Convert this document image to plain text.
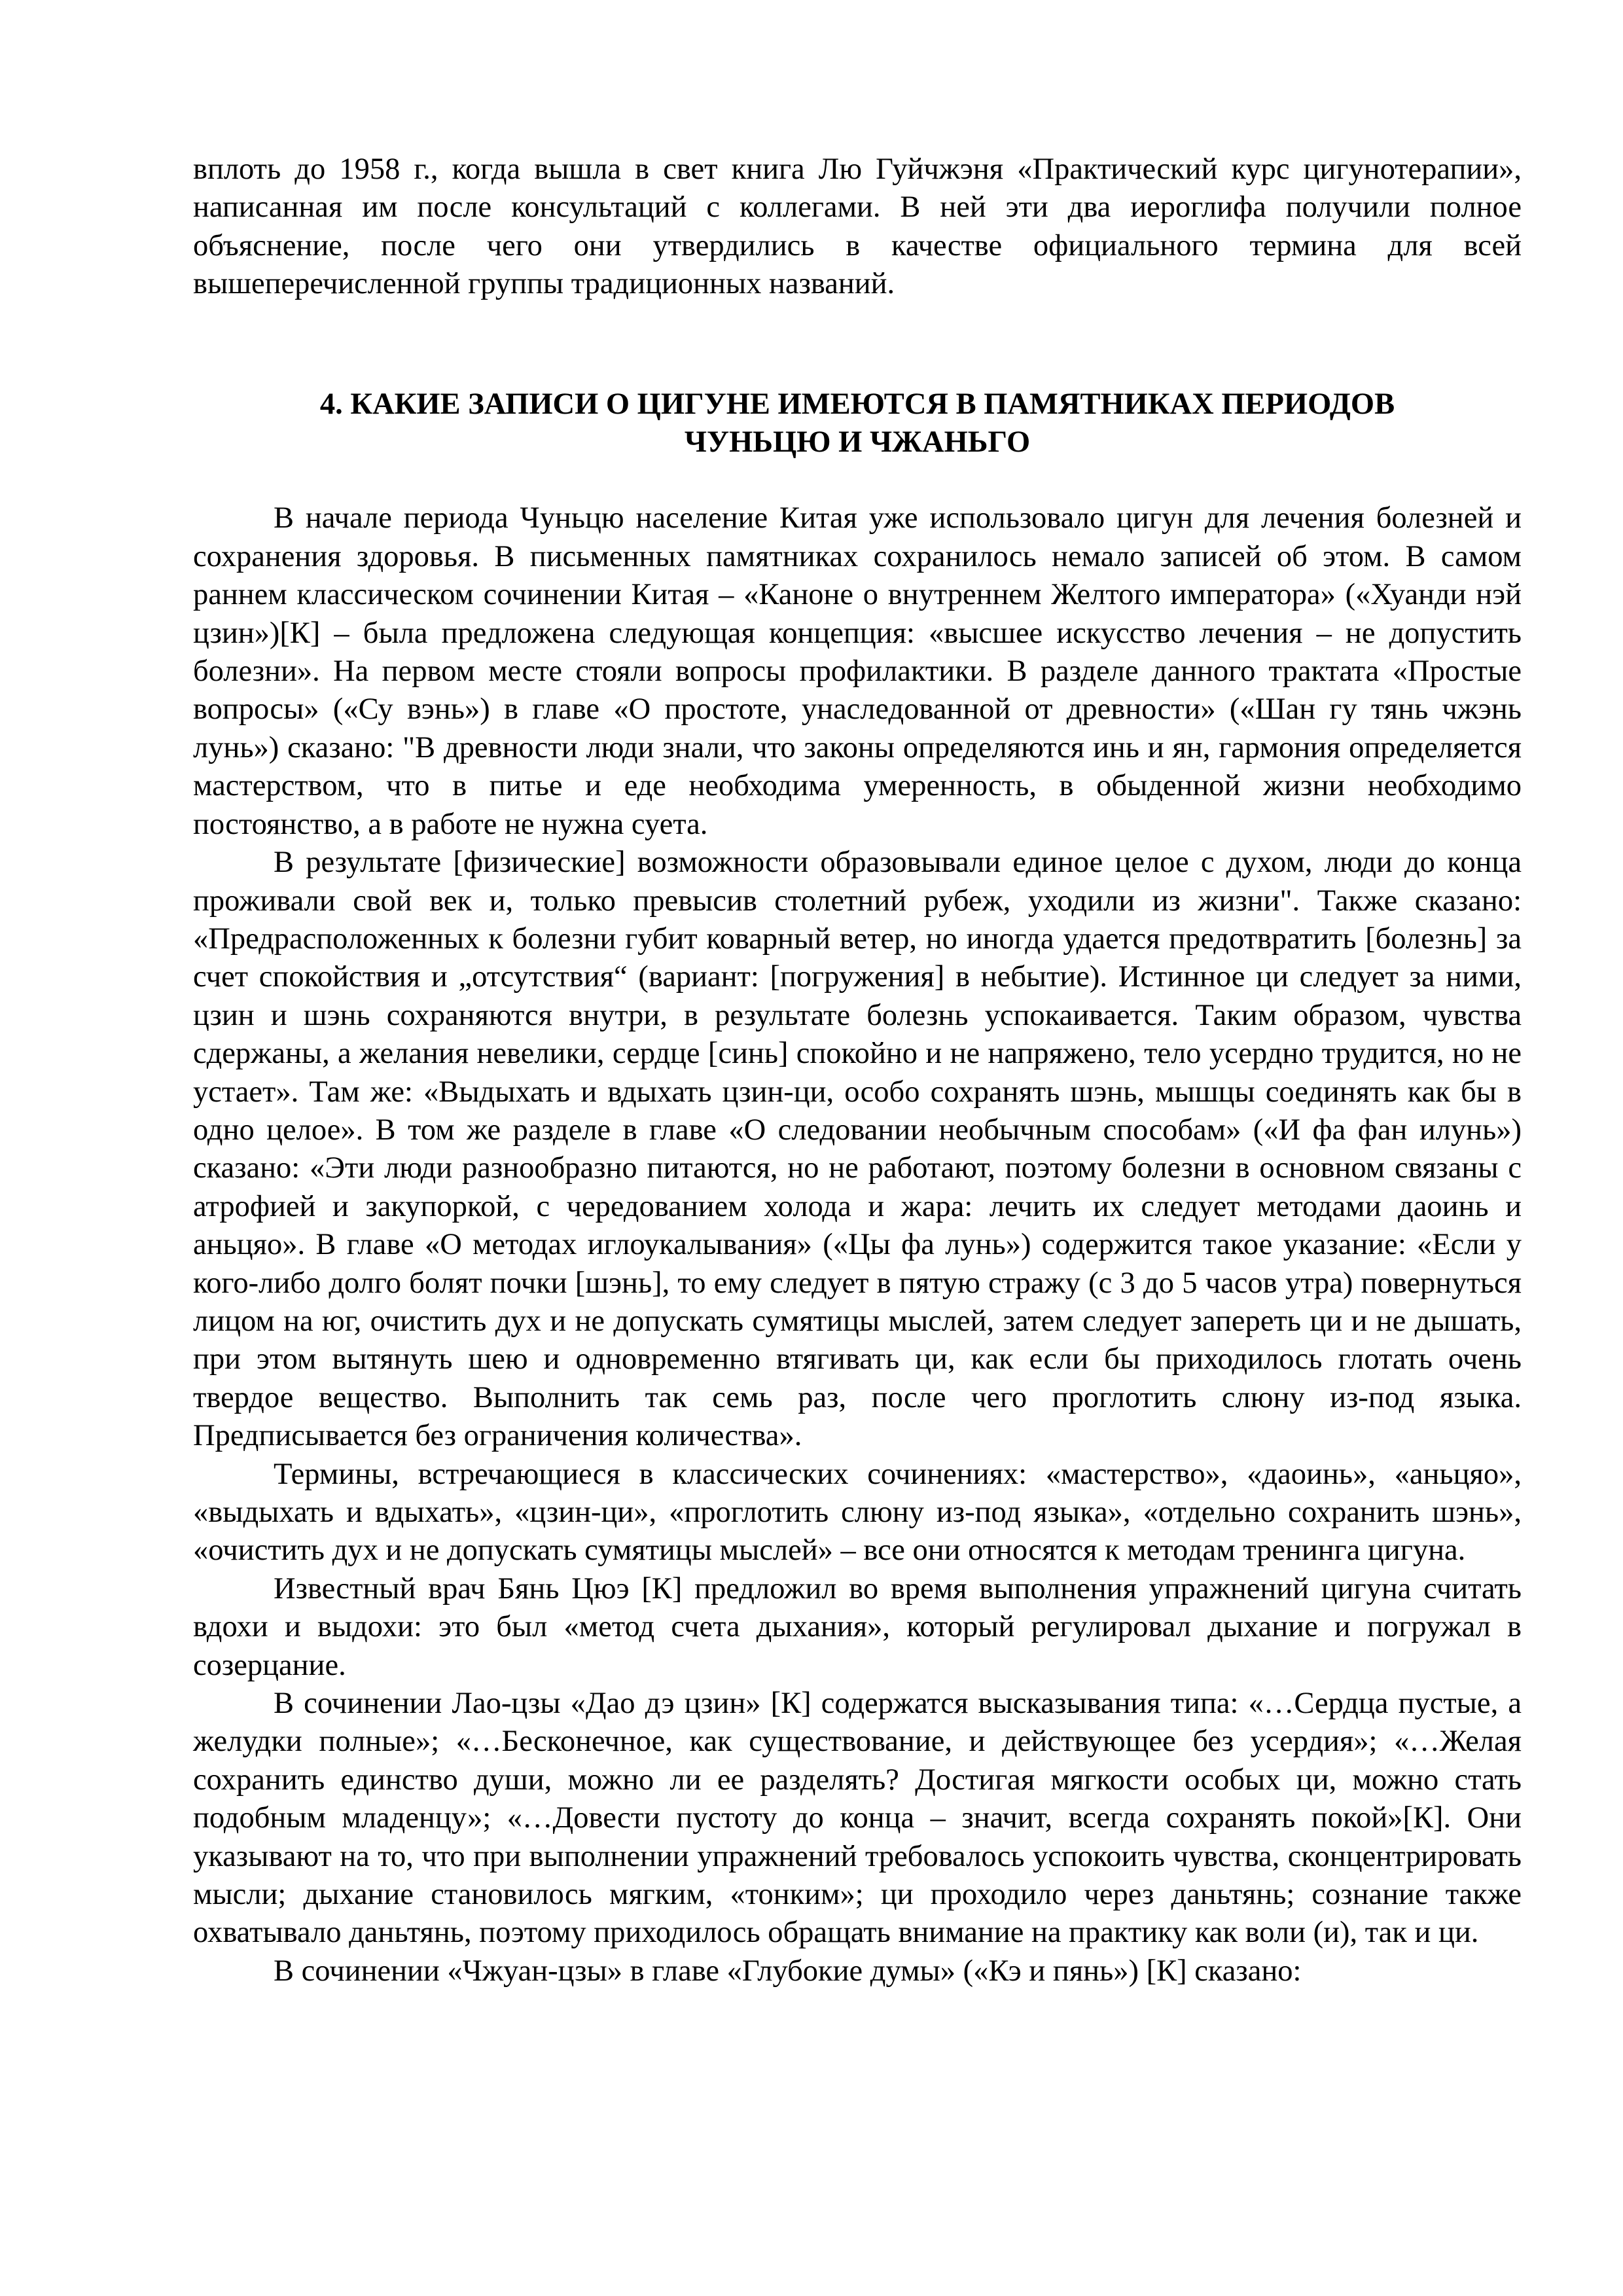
вплоть до 1958 г., когда вышла в свет книга Лю Гуйчжэня «Практический курс цигунотерапии», написанная им после консультаций с коллегами. В ней эти два иероглифа получили полное объяснение, после чего они утвердились в качестве официального термина для всей вышеперечисленной группы традиционных названий.

4. КАКИЕ ЗАПИСИ О ЦИГУНЕ ИМЕЮТСЯ В ПАМЯТНИКАХ ПЕРИОДОВ
ЧУНЬЦЮ И ЧЖАНЬГО

В начале периода Чуньцю население Китая уже использовало цигун для лечения болезней и сохранения здоровья. В письменных памятниках сохранилось немало записей об этом. В самом раннем классическом сочинении Китая – «Каноне о внутреннем Желтого императора» («Хуанди нэй цзин»)[К] – была предложена следующая концепция: «высшее искусство лечения – не допустить болезни». На первом месте стояли вопросы профилактики. В разделе данного трактата «Простые вопросы» («Су вэнь») в главе «О простоте, унаследованной от древности» («Шан гу тянь чжэнь лунь») сказано: "В древности люди знали, что законы определяются инь и ян, гармония определяется мастерством, что в питье и еде необходима умеренность, в обыденной жизни необходимо постоянство, а в работе не нужна суета.

В результате [физические] возможности образовывали единое целое с духом, люди до конца проживали свой век и, только превысив столетний рубеж, уходили из жизни". Также сказано: «Предрасположенных к болезни губит коварный ветер, но иногда удается предотвратить [болезнь] за счет спокойствия и „отсутствия“ (вариант: [погружения] в небытие). Истинное ци следует за ними, цзин и шэнь сохраняются внутри, в результате болезнь успокаивается. Таким образом, чувства сдержаны, а желания невелики, сердце [синь] спокойно и не напряжено, тело усердно трудится, но не устает». Там же: «Выдыхать и вдыхать цзин-ци, особо сохранять шэнь, мышцы соединять как бы в одно целое». В том же разделе в главе «О следовании необычным способам» («И фа фан илунь») сказано: «Эти люди разнообразно питаются, но не работают, поэтому болезни в основном связаны с атрофией и закупоркой, с чередованием холода и жара: лечить их следует методами даоинь и аньцяо». В главе «О методах иглоукалывания» («Цы фа лунь») содержится такое указание: «Если у кого-либо долго болят почки [шэнь], то ему следует в пятую стражу (с 3 до 5 часов утра) повернуться лицом на юг, очистить дух и не допускать сумятицы мыслей, затем следует запереть ци и не дышать, при этом вытянуть шею и одновременно втягивать ци, как если бы приходилось глотать очень твердое вещество. Выполнить так семь раз, после чего проглотить слюну из-под языка. Предписывается без ограничения количества».

Термины, встречающиеся в классических сочинениях: «мастерство», «даоинь», «аньцяо», «выдыхать и вдыхать», «цзин-ци», «проглотить слюну из-под языка», «отдельно сохранить шэнь», «очистить дух и не допускать сумятицы мыслей» – все они относятся к методам тренинга цигуна.

Известный врач Бянь Цюэ [К] предложил во время выполнения упражнений цигуна считать вдохи и выдохи: это был «метод счета дыхания», который регулировал дыхание и погружал в созерцание.

В сочинении Лао-цзы «Дао дэ цзин» [К] содержатся высказывания типа: «…Сердца пустые, а желудки полные»; «…Бесконечное, как существование, и действующее без усердия»; «…Желая сохранить единство души, можно ли ее разделять? Достигая мягкости особых ци, можно стать подобным младенцу»; «…Довести пустоту до конца – значит, всегда сохранять покой»[К]. Они указывают на то, что при выполнении упражнений требовалось успокоить чувства, сконцентрировать мысли; дыхание становилось мягким, «тонким»; ци проходило через даньтянь; сознание также охватывало даньтянь, поэтому приходилось обращать внимание на практику как воли (и), так и ци.

В сочинении «Чжуан-цзы» в главе «Глубокие думы» («Кэ и пянь») [К] сказано:
